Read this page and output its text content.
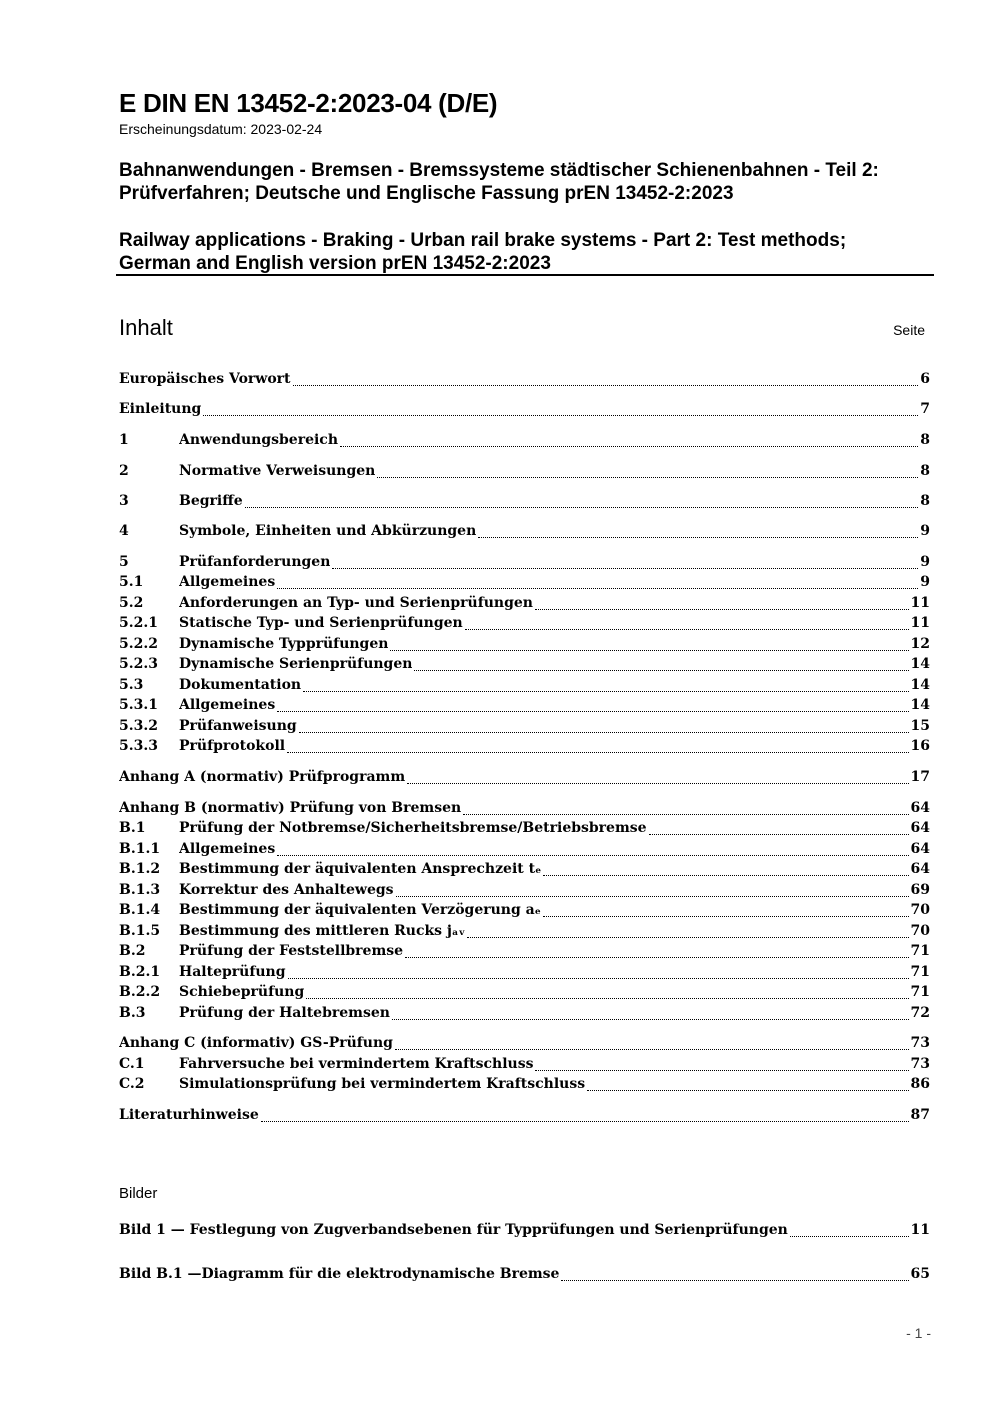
E DIN EN 13452-2:2023-04 (D/E)
Erscheinungsdatum: 2023-02-24
Bahnanwendungen - Bremsen - Bremssysteme städtischer Schienenbahnen - Teil 2:
Prüfverfahren; Deutsche und Englische Fassung prEN 13452-2:2023
Railway applications - Braking - Urban rail brake systems - Part 2: Test methods;
German and English version prEN 13452-2:2023
Inhalt	Seite
Europäisches Vorwort	6
Einleitung	7
1	Anwendungsbereich	8
2	Normative Verweisungen	8
3	Begriffe	8
4	Symbole, Einheiten und Abkürzungen	9
5	Prüfanforderungen	9
5.1	Allgemeines	9
5.2	Anforderungen an Typ- und Serienprüfungen	11
5.2.1	Statische Typ- und Serienprüfungen	11
5.2.2	Dynamische Typprüfungen	12
5.2.3	Dynamische Serienprüfungen	14
5.3	Dokumentation	14
5.3.1	Allgemeines	14
5.3.2	Prüfanweisung	15
5.3.3	Prüfprotokoll	16
Anhang A (normativ) Prüfprogramm	17
Anhang B (normativ) Prüfung von Bremsen	64
B.1	Prüfung der Notbremse/Sicherheitsbremse/Betriebsbremse	64
B.1.1	Allgemeines	64
B.1.2	Bestimmung der äquivalenten Ansprechzeit tₑ	64
B.1.3	Korrektur des Anhaltewegs	69
B.1.4	Bestimmung der äquivalenten Verzögerung aₑ	70
B.1.5	Bestimmung des mittleren Rucks jₐᵥ	70
B.2	Prüfung der Feststellbremse	71
B.2.1	Halteprüfung	71
B.2.2	Schiebeprüfung	71
B.3	Prüfung der Haltebremsen	72
Anhang C (informativ) GS-Prüfung	73
C.1	Fahrversuche bei vermindertem Kraftschluss	73
C.2	Simulationsprüfung bei vermindertem Kraftschluss	86
Literaturhinweise	87
Bilder
Bild 1 — Festlegung von Zugverbandsebenen für Typprüfungen und Serienprüfungen	11
Bild B.1 —Diagramm für die elektrodynamische Bremse	65
- 1 -
